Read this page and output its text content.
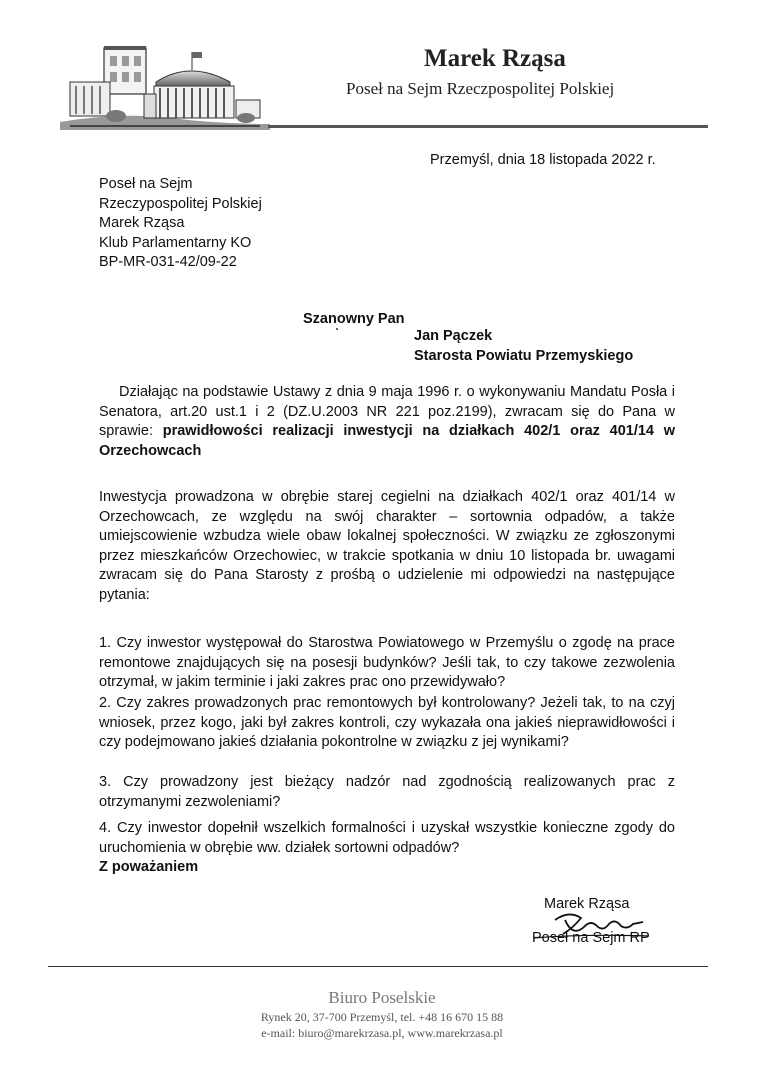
Marek Rząsa
Poseł na Sejm Rzeczpospolitej Polskiej
Przemyśl, dnia 18 listopada 2022 r.
Poseł na Sejm
Rzeczypospolitej Polskiej
Marek Rząsa
Klub Parlamentarny KO
BP-MR-031-42/09-22
Szanowny Pan
Jan Pączek
Starosta Powiatu Przemyskiego
Działając na podstawie Ustawy z dnia 9 maja 1996 r. o wykonywaniu Mandatu Posła i Senatora, art.20 ust.1 i 2 (DZ.U.2003 NR 221 poz.2199), zwracam się do Pana w sprawie: prawidłowości realizacji inwestycji na działkach 402/1 oraz 401/14 w Orzechowcach
Inwestycja prowadzona w obrębie starej cegielni na działkach 402/1 oraz 401/14 w Orzechowcach, ze względu na swój charakter – sortownia odpadów, a także umiejscowienie wzbudza wiele obaw lokalnej społeczności. W związku ze zgłoszonymi przez mieszkańców Orzechowiec, w trakcie spotkania w dniu 10 listopada br. uwagami zwracam się do Pana Starosty z prośbą o udzielenie mi odpowiedzi na następujące pytania:
1. Czy inwestor występował do Starostwa Powiatowego w Przemyślu o zgodę na prace remontowe znajdujących się na posesji budynków? Jeśli tak, to czy takowe zezwolenia otrzymał, w jakim terminie i jaki zakres prac ono przewidywało?
2. Czy zakres prowadzonych prac remontowych był kontrolowany? Jeżeli tak, to na czyj wniosek, przez kogo, jaki był zakres kontroli, czy wykazała ona jakieś nieprawidłowości i czy podejmowano jakieś działania pokontrolne w związku z jej wynikami?
3. Czy prowadzony jest bieżący nadzór nad zgodnością realizowanych prac z otrzymanymi zezwoleniami?
4. Czy inwestor dopełnił wszelkich formalności i uzyskał wszystkie konieczne zgody do uruchomienia w obrębie ww. działek sortowni odpadów?
Z poważaniem
Marek Rząsa
Poseł na Sejm RP
Biuro Poselskie
Rynek 20, 37-700 Przemyśl, tel. +48 16 670 15 88
e-mail: biuro@marekrzasa.pl, www.marekrzasa.pl
